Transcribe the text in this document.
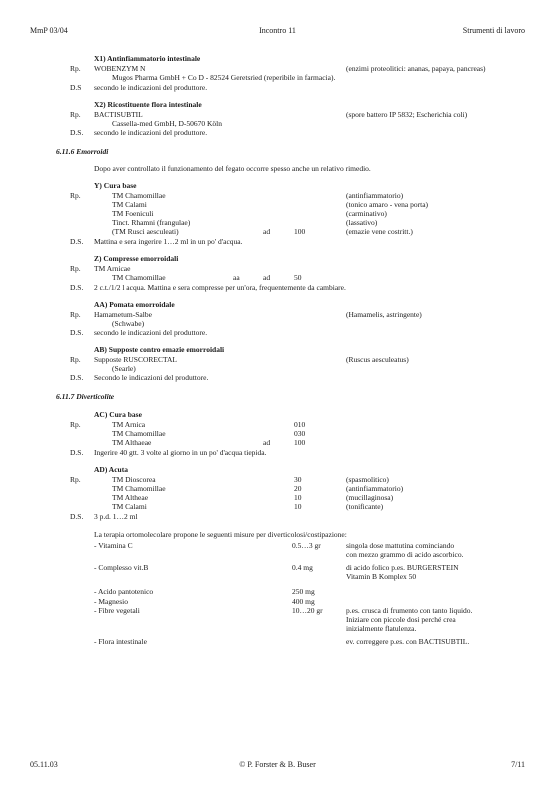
MmP 03/04	Incontro 11	Strumenti di lavoro
X1) Antinfiammatorio intestinale
Rp. WOBENZYM N	(enzimi proteolitici: ananas, papaya, pancreas)
Mugos Pharma GmbH + Co D - 82524 Geretsried (reperibile in farmacia).
D.S secondo le indicazioni del produttore.
X2) Ricostituente flora intestinale
Rp. BACTISUBTIL	(spore battero IP 5832; Escherichia coli)
Cassella-med GmbH, D-50670 Köln
D.S. secondo le indicazioni del produttore.
6.11.6 Emorroidi
Dopo aver controllato il funzionamento del fegato occorre spesso anche un relativo rimedio.
Y) Cura base
Rp.	TM Chamomillae	(antinfiammatorio)
TM Calami	(tonico amaro - vena porta)
TM Foeniculi	(carminativo)
Tinct. Rhamni (frangulae)	(lassativo)
(TM Rusci aesculeati)	ad	100	(emazie vene costritt.)
D.S. Mattina e sera ingerire 1…2 ml in un po' d'acqua.
Z) Compresse emorroidali
Rp. TM Arnicae
TM Chamomillae	aa	ad	50
D.S. 2 c.t./1/2 l acqua. Mattina e sera compresse per un'ora, frequentemente da cambiare.
AA) Pomata emorroidale
Rp. Hamametum-Salbe	(Hamamelis, astringente)
(Schwabe)
D.S. secondo le indicazioni del produttore.
AB) Supposte contro emazie emorroidali
Rp. Supposte RUSCORECTAL	(Ruscus aesculeatus)
(Searle)
D.S. Secondo le indicazioni del produttore.
6.11.7 Diverticolite
AC) Cura base
Rp.	TM Arnica	010
TM Chamomillae	030
TM Althaeae	ad	100
D.S. Ingerire 40 gtt. 3 volte al giorno in un po' d'acqua tiepida.
AD) Acuta
Rp.	TM Dioscorea	30	(spasmolitico)
TM Chamomillae	20	(antinfiammatorio)
TM Altheae	10	(mucillaginosa)
TM Calami	10	(tonificante)
D.S. 3 p.d. 1…2 ml
La terapia ortomolecolare propone le seguenti misure per diverticolosi/costipazione:
- Vitamina C	0.5…3 gr	singola dose mattutina cominciando
con mezzo grammo di acido ascorbico.
- Complesso vit.B	0.4 mg	di acido folico p.es. BURGERSTEIN
Vitamin B Komplex 50
- Acido pantotenico	250 mg
- Magnesio	400 mg
- Fibre vegetali	10…20 gr	p.es. crusca di frumento con tanto liquido.
Iniziare con piccole dosi perché crea
inizialmente flatulenza.
- Flora intestinale	ev. correggere p.es. con BACTISUBTIL.
05.11.03	© P. Forster & B. Buser	7/11
